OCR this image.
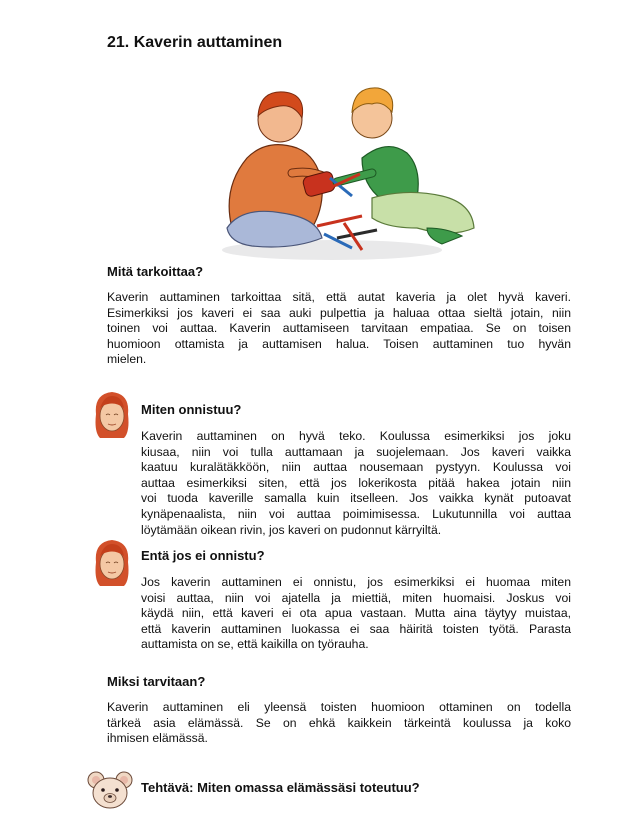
21. Kaverin auttaminen
Mitä tarkoittaa?
Kaverin auttaminen tarkoittaa sitä, että autat kaveria ja olet hyvä kaveri.
Esimerkiksi jos kaveri ei saa auki pulpettia ja haluaa ottaa sieltä jotain, niin
toinen voi auttaa. Kaverin auttamiseen tarvitaan empatiaa. Se on toisen
huomioon ottamista ja auttamisen halua. Toisen auttaminen tuo hyvän
mielen.
Miten onnistuu?
Kaverin auttaminen on hyvä teko. Koulussa esimerkiksi jos joku
kiusaa, niin voi tulla auttamaan ja suojelemaan. Jos kaveri vaikka
kaatuu kuralätäkköön, niin auttaa nousemaan pystyyn. Koulussa voi
auttaa esimerkiksi siten, että jos lokerikosta pitää hakea jotain niin
voi tuoda kaverille samalla kuin itselleen. Jos vaikka kynät putoavat
kynäpenaalista, niin voi auttaa poimimisessa. Lukutunnilla voi auttaa
löytämään oikean rivin, jos kaveri on pudonnut kärryiltä.
Entä jos ei onnistu?
Jos kaverin auttaminen ei onnistu, jos esimerkiksi ei huomaa miten
voisi auttaa, niin voi ajatella ja miettiä, miten huomaisi. Joskus voi
käydä niin, että kaveri ei ota apua vastaan. Mutta aina täytyy muistaa,
että kaverin auttaminen luokassa ei saa häiritä toisten työtä. Parasta
auttamista on se, että kaikilla on työrauha.
Miksi tarvitaan?
Kaverin auttaminen eli yleensä toisten huomioon ottaminen on todella
tärkeä asia elämässä. Se on ehkä kaikkein tärkeintä koulussa ja koko
ihmisen elämässä.
Tehtävä: Miten omassa elämässäsi toteutuu?
